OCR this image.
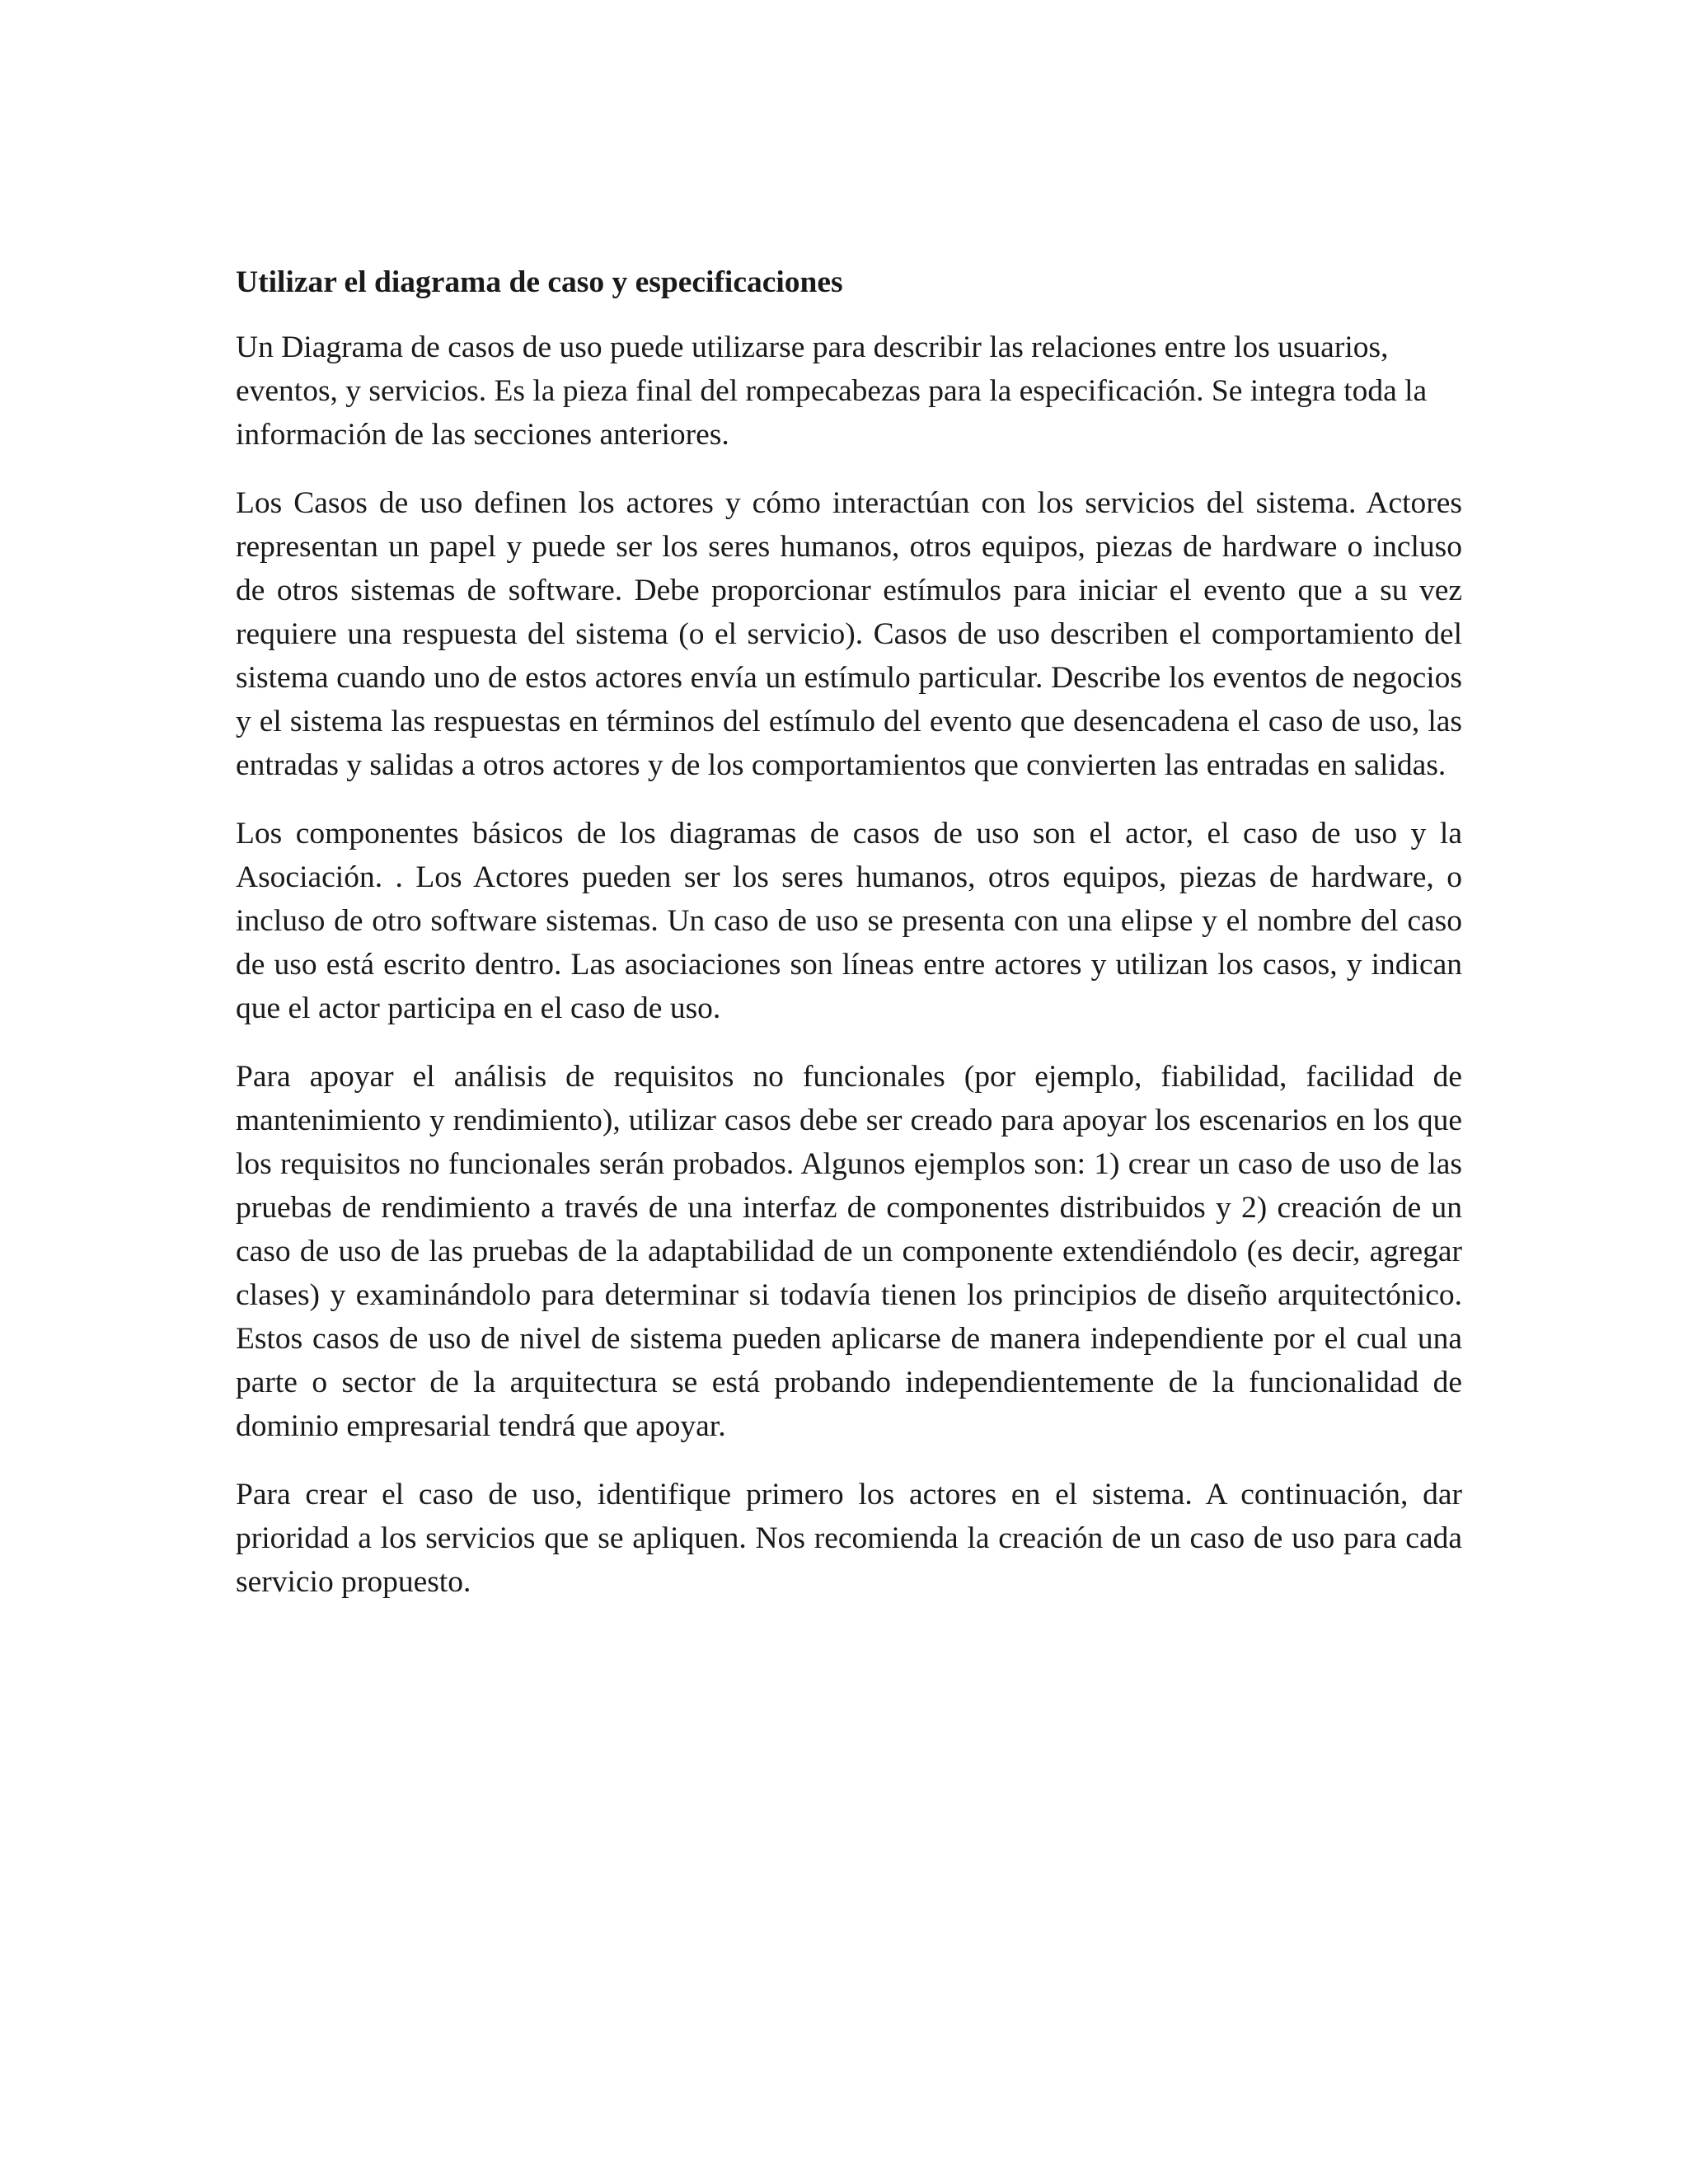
Utilizar el diagrama de caso y especificaciones

Un Diagrama de casos de uso puede utilizarse para describir las relaciones entre los usuarios, eventos, y servicios. Es la pieza final del rompecabezas para la especificación. Se integra toda la información de las secciones anteriores.

Los Casos de uso definen los actores y cómo interactúan con los servicios del sistema. Actores representan un papel y puede ser los seres humanos, otros equipos, piezas de hardware o incluso de otros sistemas de software. Debe proporcionar estímulos para iniciar el evento que a su vez requiere una respuesta del sistema (o el servicio). Casos de uso describen el comportamiento del sistema cuando uno de estos actores envía un estímulo particular. Describe los eventos de negocios y el sistema las respuestas en términos del estímulo del evento que desencadena el caso de uso, las entradas y salidas a otros actores y de los comportamientos que convierten las entradas en salidas.

Los componentes básicos de los diagramas de casos de uso son el actor, el caso de uso y la Asociación. . Los Actores pueden ser los seres humanos, otros equipos, piezas de hardware, o incluso de otro software sistemas. Un caso de uso se presenta con una elipse y el nombre del caso de uso está escrito dentro. Las asociaciones son líneas entre actores y utilizan los casos, y indican que el actor participa en el caso de uso.

Para apoyar el análisis de requisitos no funcionales (por ejemplo, fiabilidad, facilidad de mantenimiento y rendimiento), utilizar casos debe ser creado para apoyar los escenarios en los que los requisitos no funcionales serán probados. Algunos ejemplos son: 1) crear un caso de uso de las pruebas de rendimiento a través de una interfaz de componentes distribuidos y 2) creación de un caso de uso de las pruebas de la adaptabilidad de un componente extendiéndolo (es decir, agregar clases) y examinándolo para determinar si todavía tienen los principios de diseño arquitectónico. Estos casos de uso de nivel de sistema pueden aplicarse de manera independiente por el cual una parte o sector de la arquitectura se está probando independientemente de la funcionalidad de dominio empresarial tendrá que apoyar.

Para crear el caso de uso, identifique primero los actores en el sistema. A continuación, dar prioridad a los servicios que se apliquen. Nos recomienda la creación de un caso de uso para cada servicio propuesto.
